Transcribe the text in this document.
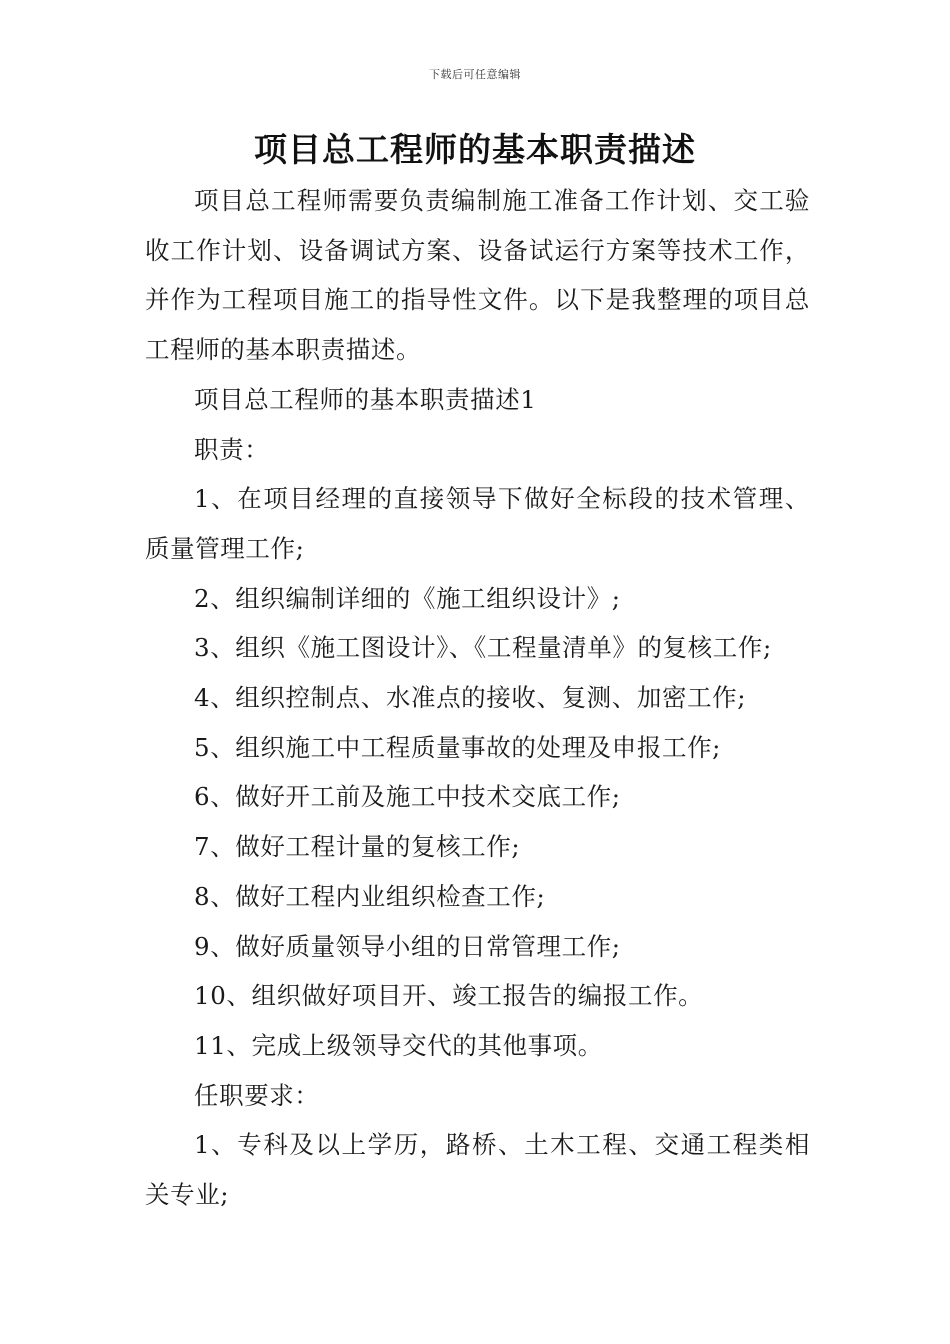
下载后可任意编辑
项目总工程师的基本职责描述

项目总工程师需要负责编制施工准备工作计划、交工验收工作计划、设备调试方案、设备试运行方案等技术工作，并作为工程项目施工的指导性文件。以下是我整理的项目总工程师的基本职责描述。

项目总工程师的基本职责描述1

职责：

1、在项目经理的直接领导下做好全标段的技术管理、质量管理工作;

2、组织编制详细的《施工组织设计》;

3、组织《施工图设计》、《工程量清单》的复核工作;

4、组织控制点、水准点的接收、复测、加密工作;

5、组织施工中工程质量事故的处理及申报工作;

6、做好开工前及施工中技术交底工作;

7、做好工程计量的复核工作;

8、做好工程内业组织检查工作;

9、做好质量领导小组的日常管理工作;

10、组织做好项目开、竣工报告的编报工作。

11、完成上级领导交代的其他事项。

任职要求：

1、专科及以上学历，路桥、土木工程、交通工程类相关专业;
